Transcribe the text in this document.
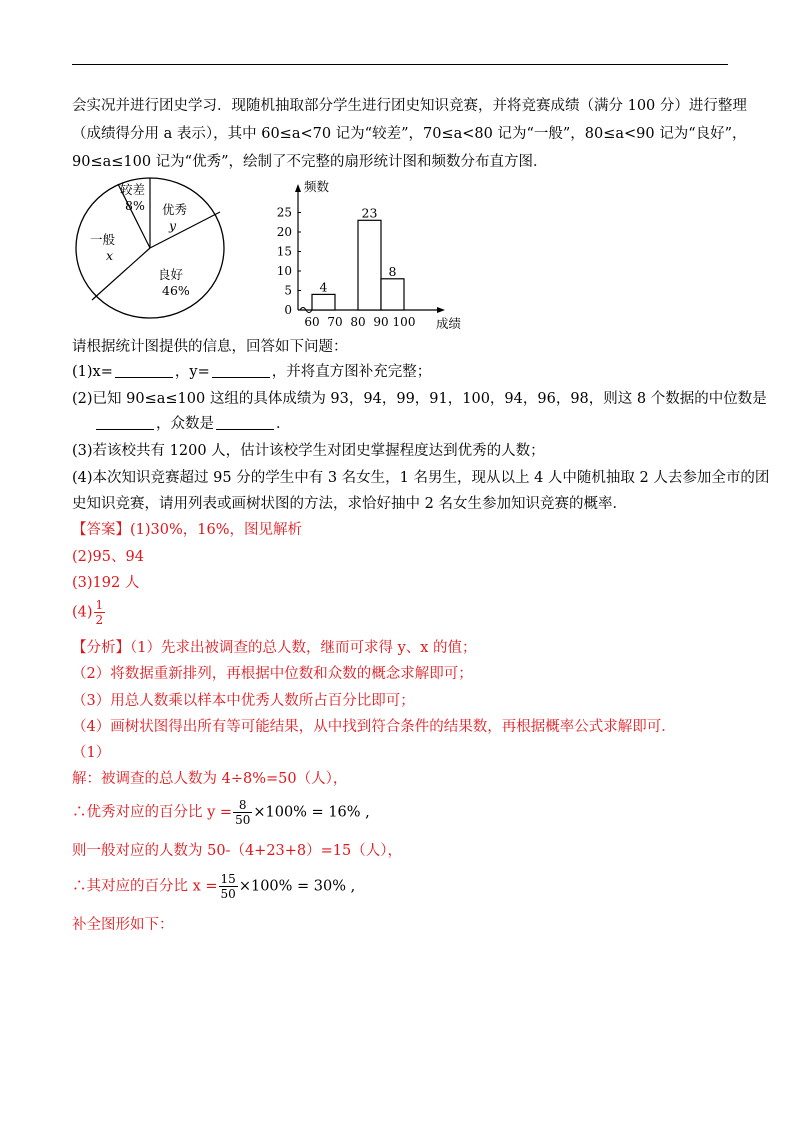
会实况并进行团史学习．现随机抽取部分学生进行团史知识竞赛，并将竞赛成绩（满分 100 分）进行整理
（成绩得分用 a 表示），其中 60≤a<70 记为“较差”，70≤a<80 记为“一般”，80≤a<90 记为“良好”，
90≤a≤100 记为“优秀”，绘制了不完整的扇形统计图和频数分布直方图．
较差
8% 优秀
y
良好
46%
一般
x
0
5
10
15
20
25
60 70 80 90 100
频数
成绩
4
23
8
请根据统计图提供的信息，回答如下问题：
(1)x=	，y=	，并将直方图补充完整；
(2)已知 90≤a≤100 这组的具体成绩为 93，94，99，91，100，94，96，98，则这 8 个数据的中位数是
，众数是	．
(3)若该校共有 1200 人，估计该校学生对团史掌握程度达到优秀的人数；
(4)本次知识竞赛超过 95 分的学生中有 3 名女生，1 名男生，现从以上 4 人中随机抽取 2 人去参加全市的团
史知识竞赛，请用列表或画树状图的方法，求恰好抽中 2 名女生参加知识竞赛的概率．
【答案】(1)30%，16%，图见解析
(2)95、94
(3)192 人
$(4) \frac{1}{2}$
【分析】（1）先求出被调查的总人数，继而可求得 y、x 的值；
（2）将数据重新排列，再根据中位数和众数的概念求解即可；
（3）用总人数乘以样本中优秀人数所占百分比即可；
（4）画树状图得出所有等可能结果，从中找到符合条件的结果数，再根据概率公式求解即可．
（1）
解：被调查的总人数为 4÷8%=50（人），
∴优秀对应的百分比 $y = \frac{8}{50} \times 100\% = 16\%$ ,
则一般对应的人数为 50-（4+23+8）=15（人），
∴其对应的百分比 $x = \frac{15}{50} \times 100\% = 30\%$ ,
补全图形如下：
